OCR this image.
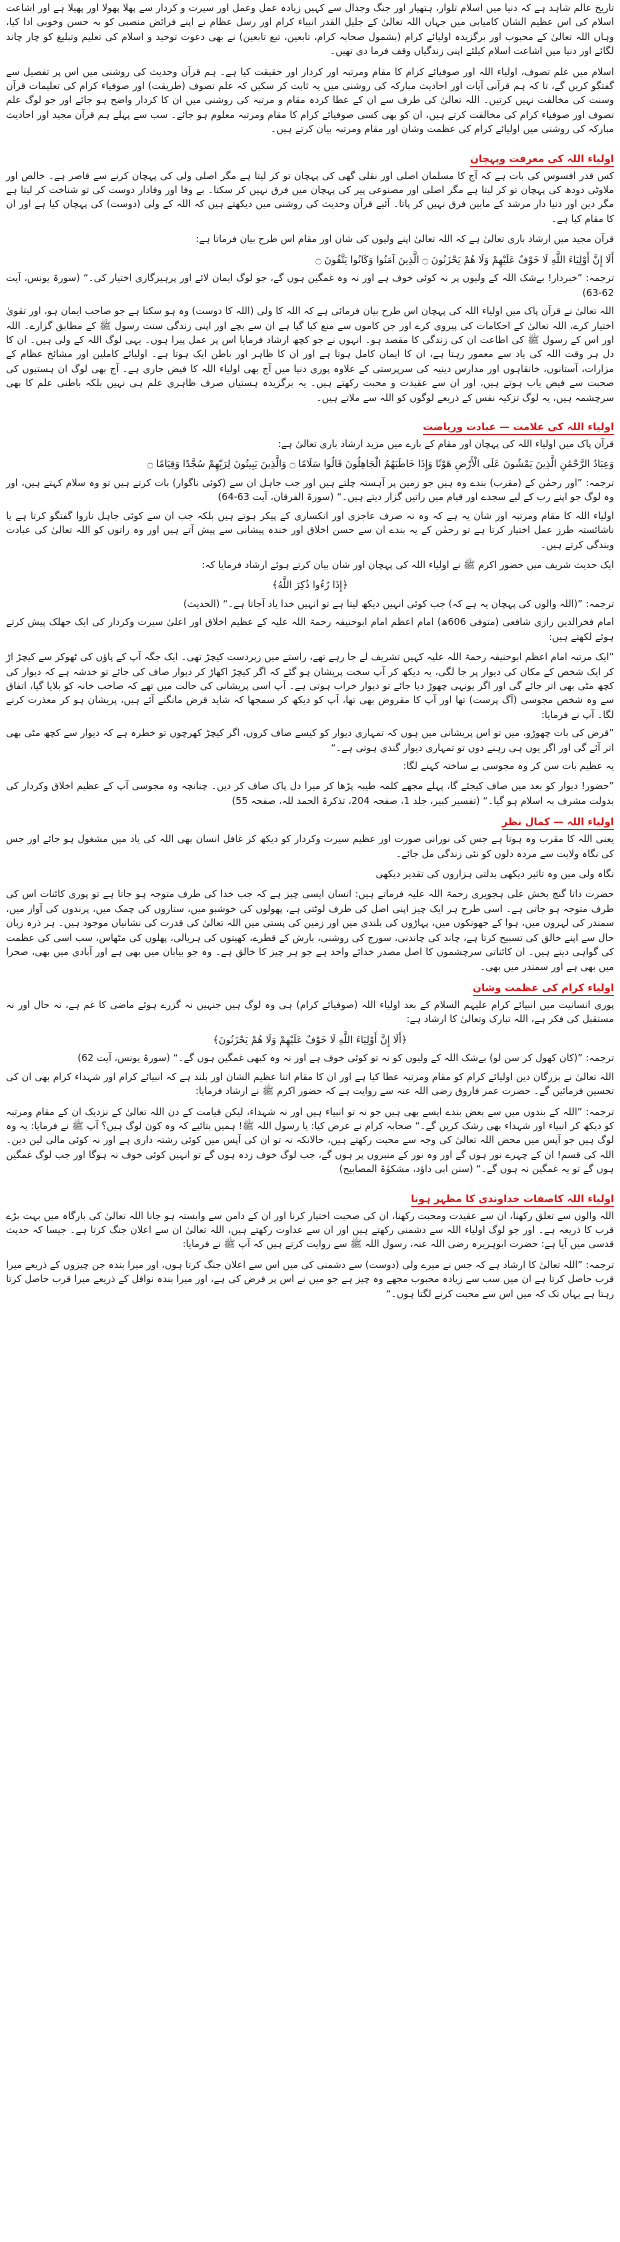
تاریخ عالم شاہد ہے کہ دنیا میں اسلام تلوار، ہتھیار اور جنگ وجدال سے کہیں زیادہ عمل وعمل اور سیرت و کردار سے پھلا پھولا اور پھیلا ہے اور اشاعت اسلام کی اس عظیم الشان کامیابی میں جہاں اللہ تعالیٰ کے جلیل القدر انبیاء کرام اور رسل عظام نے اپنے فرائض منصبی کو بہ حسن وخوبی ادا کیا، وہاں اللہ تعالیٰ کے محبوب اور برگزیدہ اولیائے کرام (بشمول صحابہ کرام، تابعین، تبع تابعین) نے بھی دعوت توحید و اسلام کی تعلیم وتبلیغ کو چار چاند لگائے اور دنیا میں اشاعت اسلام کیلئے اپنی زندگیاں وقف فرما دی تھیں۔

اسلام میں علم تصوف، اولیاء اللہ اور صوفیائے کرام کا مقام ومرتبہ اور کردار اور حقیقت کیا ہے۔ ہم قرآن وحدیث کی روشنی میں اس پر تفصیل سے گفتگو کریں گے، تا کہ ہم قرآنی آیات اور احادیث مبارکہ کی روشنی میں یہ ثابت کر سکیں کہ علم تصوف (طریقت) اور صوفیاء کرام کی تعلیمات قرآن وسنت کی مخالفت نہیں کرتیں۔ اللہ تعالیٰ کی طرف سے ان کے عطا کردہ مقام و مرتبہ کی روشنی میں ان کا کردار واضح ہو جائے اور جو لوگ علم تصوف اور صوفیاء کرام کی مخالفت کرتے ہیں، ان کو بھی کسی صوفیائے کرام کا مقام ومرتبہ معلوم ہو جائے۔ سب سے پہلے ہم قرآن مجید اور احادیث مبارکہ کی روشنی میں اولیائے کرام کی عظمت وشان اور مقام ومرتبہ بیان کرتے ہیں۔

اولیاء اللہ کی معرفت وپہچان

کس قدر افسوس کی بات ہے کہ آج کا مسلمان اصلی اور نقلی گھی کی پہچان تو کر لیتا ہے مگر اصلی ولی کی پہچان کرنے سے قاصر ہے۔ خالص اور ملاوٹی دودھ کی پہچان تو کر لیتا ہے مگر اصلی اور مصنوعی پیر کی پہچان میں فرق نہیں کر سکتا۔ بے وفا اور وفادار دوست کی تو شناخت کر لیتا ہے مگر دین اور دنیا دار مرشد کے مابین فرق نہیں کر پاتا۔ آئیے قرآن وحدیث کی روشنی میں دیکھتے ہیں کہ اللہ کے ولی (دوست) کی پہچان کیا ہے اور ان کا مقام کیا ہے۔

قرآن مجید میں ارشاد باری تعالیٰ ہے کہ اللہ تعالیٰ اپنے ولیوں کی شان اور مقام اس طرح بیان فرماتا ہے:

أَلَا إِنَّ أَوْلِيَاءَ اللَّهِ لَا خَوْفٌ عَلَيْهِمْ وَلَا هُمْ يَحْزَنُونَ ۝ الَّذِينَ آمَنُوا وَكَانُوا يَتَّقُونَ ۝

ترجمہ: ”خبردار! بےشک اللہ کے ولیوں پر نہ کوئی خوف ہے اور نہ وہ غمگین ہوں گے، جو لوگ ایمان لائے اور پرہیزگاری اختیار کی۔“ (سورۃ یونس، آیت 62-63)

اللہ تعالیٰ نے قرآن پاک میں اولیاء اللہ کی پہچان اس طرح بیان فرمائی ہے کہ اللہ کا ولی (اللہ کا دوست) وہ ہو سکتا ہے جو صاحب ایمان ہو، اور تقویٰ اختیار کرے، اللہ تعالیٰ کے احکامات کی پیروی کرے اور جن کاموں سے منع کیا گیا ہے ان سے بچے اور اپنی زندگی سنت رسول ﷺ کے مطابق گزارے۔ اللہ اور اس کے رسول ﷺ کی اطاعت ان کی زندگی کا مقصد ہو۔ انہوں نے جو کچھ ارشاد فرمایا اس پر عمل پیرا ہوں۔ یہی لوگ اللہ کے ولی ہیں۔ ان کا دل ہر وقت اللہ کی یاد سے معمور رہتا ہے، ان کا ایمان کامل ہوتا ہے اور ان کا ظاہر اور باطن ایک ہوتا ہے۔ اولیائے کاملین اور مشائخ عظام کے مزارات، آستانوں، خانقاہوں اور مدارس دینیہ کی سرپرستی کے علاوہ پوری دنیا میں آج بھی اولیاء اللہ کا فیض جاری ہے۔ آج بھی لوگ ان ہستیوں کی صحبت سے فیض یاب ہوتے ہیں، اور ان سے عقیدت و محبت رکھتے ہیں۔ یہ برگزیدہ ہستیاں صرف ظاہری علم ہی نہیں بلکہ باطنی علم کا بھی سرچشمہ ہیں، یہ لوگ تزکیہ نفس کے ذریعے لوگوں کو اللہ سے ملاتے ہیں۔

اولیاء اللہ کی علامت — عبادت وریاضت

قرآن پاک میں اولیاء اللہ کی پہچان اور مقام کے بارے میں مزید ارشاد باری تعالیٰ ہے:

وَعِبَادُ الرَّحْمَٰنِ الَّذِينَ يَمْشُونَ عَلَى الْأَرْضِ هَوْنًا وَإِذَا خَاطَبَهُمُ الْجَاهِلُونَ قَالُوا سَلَامًا ۝ وَالَّذِينَ يَبِيتُونَ لِرَبِّهِمْ سُجَّدًا وَقِيَامًا ۝

ترجمہ: ”اور رحمٰن کے (مقرب) بندے وہ ہیں جو زمین پر آہستہ چلتے ہیں اور جب جاہل ان سے (کوئی ناگوار) بات کرتے ہیں تو وہ سلام کہتے ہیں، اور وہ لوگ جو اپنے رب کے لیے سجدے اور قیام میں راتیں گزار دیتے ہیں۔“ (سورۃ الفرقان، آیت 63-64)

اولیاء اللہ کا مقام ومرتبہ اور شان یہ ہے کہ وہ نہ صرف عاجزی اور انکساری کے پیکر ہوتے ہیں بلکہ جب ان سے کوئی جاہل ناروا گفتگو کرتا ہے یا ناشائستہ طرز عمل اختیار کرتا ہے تو رحمٰن کے یہ بندے ان سے حسن اخلاق اور خندہ پیشانی سے پیش آتے ہیں اور وہ راتوں کو اللہ تعالیٰ کی عبادت وبندگی کرتے ہیں۔

ایک حدیث شریف میں حضور اکرم ﷺ نے اولیاء اللہ کی پہچان اور شان بیان کرتے ہوئے ارشاد فرمایا کہ:

﴿إِذَا رُءُوا ذُكِرَ اللَّهُ﴾

ترجمہ: ”(اللہ والوں کی پہچان یہ ہے کہ) جب کوئی انہیں دیکھ لیتا ہے تو انہیں خدا یاد آجاتا ہے۔“ (الحدیث)

امام فخرالدین رازی شافعی (متوفی 606ھ) امام اعظم امام ابوحنیفہ رحمۃ اللہ علیہ کے عظیم اخلاق اور اعلیٰ سیرت وکردار کی ایک جھلک پیش کرتے ہوئے لکھتے ہیں:

”ایک مرتبہ امام اعظم ابوحنیفہ رحمۃ اللہ علیہ کہیں تشریف لے جا رہے تھے، راستے میں زبردست کیچڑ تھی۔ ایک جگہ آپ کے پاؤں کی ٹھوکر سے کیچڑ اڑ کر ایک شخص کے مکان کی دیوار پر جا لگی، یہ دیکھ کر آپ سخت پریشان ہو گئے کہ اگر کیچڑ اکھاڑ کر دیوار صاف کی جائے تو خدشہ ہے کہ دیوار کی کچھ مٹی بھی اتر جائے گی اور اگر یونہی چھوڑ دیا جائے تو دیوار خراب ہوتی ہے۔ آپ اسی پریشانی کی حالت میں تھے کہ صاحب خانہ کو بلایا گیا، اتفاق سے وہ شخص مجوسی (آگ پرست) تھا اور آپ کا مقروض بھی تھا، آپ کو دیکھ کر سمجھا کہ شاید قرض مانگنے آئے ہیں، پریشان ہو کر معذرت کرنے لگا۔ آپ نے فرمایا:

”قرض کی بات چھوڑو، میں تو اس پریشانی میں ہوں کہ تمہاری دیوار کو کیسے صاف کروں، اگر کیچڑ کھرچوں تو خطرہ ہے کہ دیوار سے کچھ مٹی بھی اتر آئے گی اور اگر یوں ہی رہنے دوں تو تمہاری دیوار گندی ہوتی ہے۔“

یہ عظیم بات سن کر وہ مجوسی بے ساختہ کہنے لگا:

”حضور! دیوار کو بعد میں صاف کیجئے گا، پہلے مجھے کلمہ طیبہ پڑھا کر میرا دل پاک صاف کر دیں۔ چنانچہ وہ مجوسی آپ کے عظیم اخلاق وکردار کی بدولت مشرف بہ اسلام ہو گیا۔“ (تفسیر کبیر، جلد 1، صفحہ 204، تذکرۃ الحمد للہ، صفحہ 55)

اولیاء اللہ — کمال نظر

یعنی اللہ کا مقرب وہ ہوتا ہے جس کی نورانی صورت اور عظیم سیرت وکردار کو دیکھ کر غافل انسان بھی اللہ کی یاد میں مشغول ہو جائے اور جس کی نگاہ ولایت سے مردہ دلوں کو نئی زندگی مل جائے۔

نگاہ ولی میں وہ تاثیر دیکھی بدلتی ہزاروں کی تقدیر دیکھی

حضرت داتا گنج بخش علی ہجویری رحمۃ اللہ علیہ فرماتے ہیں: انسان ایسی چیز ہے کہ جب خدا کی طرف متوجہ ہو جاتا ہے تو پوری کائنات اس کی طرف متوجہ ہو جاتی ہے۔ اسی طرح ہر ایک چیز اپنی اصل کی طرف لوٹتی ہے، پھولوں کی خوشبو میں، ستاروں کی چمک میں، پرندوں کی آواز میں، سمندر کی لہروں میں، ہوا کے جھونکوں میں، پہاڑوں کی بلندی میں اور زمین کی پستی میں اللہ تعالیٰ کی قدرت کی نشانیاں موجود ہیں۔ ہر ذرہ زبان حال سے اپنے خالق کی تسبیح کرتا ہے، چاند کی چاندنی، سورج کی روشنی، بارش کے قطرے، کھیتوں کی ہریالی، پھلوں کی مٹھاس، سب اسی کی عظمت کی گواہی دیتے ہیں۔ ان کائناتی سرچشموں کا اصل مصدر خدائے واحد ہے جو ہر چیز کا خالق ہے۔ وہ جو بیابان میں بھی ہے اور آبادی میں بھی، صحرا میں بھی ہے اور سمندر میں بھی۔

اولیاء کرام کی عظمت وشان

پوری انسانیت میں انبیائے کرام علیہم السلام کے بعد اولیاء اللہ (صوفیائے کرام) ہی وہ لوگ ہیں جنہیں نہ گزرے ہوئے ماضی کا غم ہے، نہ حال اور نہ مستقبل کی فکر ہے، اللہ تبارک وتعالیٰ کا ارشاد ہے:

﴿أَلَا إِنَّ أَوْلِيَاءَ اللَّهِ لَا خَوْفٌ عَلَيْهِمْ وَلَا هُمْ يَحْزَنُونَ﴾

ترجمہ: ”(کان کھول کر سن لو) بےشک اللہ کے ولیوں کو نہ تو کوئی خوف ہے اور نہ وہ کبھی غمگین ہوں گے۔“ (سورۃ یونس، آیت 62)

اللہ تعالیٰ نے بزرگان دین اولیائے کرام کو مقام ومرتبہ عطا کیا ہے اور ان کا مقام اتنا عظیم الشان اور بلند ہے کہ انبیائے کرام اور شہداء کرام بھی ان کی تحسین فرمائیں گے۔ حضرت عمر فاروق رضی اللہ عنہ سے روایت ہے کہ حضور اکرم ﷺ نے ارشاد فرمایا:

ترجمہ: ”اللہ کے بندوں میں سے بعض بندے ایسے بھی ہیں جو نہ تو انبیاء ہیں اور نہ شہداء، لیکن قیامت کے دن اللہ تعالیٰ کے نزدیک ان کے مقام ومرتبہ کو دیکھ کر انبیاء اور شہداء بھی رشک کریں گے۔“ صحابہ کرام نے عرض کیا: یا رسول اللہ ﷺ! ہمیں بتائیے کہ وہ کون لوگ ہیں؟ آپ ﷺ نے فرمایا: یہ وہ لوگ ہیں جو آپس میں محض اللہ تعالیٰ کی وجہ سے محبت رکھتے ہیں، حالانکہ نہ تو ان کی آپس میں کوئی رشتہ داری ہے اور نہ کوئی مالی لین دین۔ اللہ کی قسم! ان کے چہرے نور ہوں گے اور وہ نور کے منبروں پر ہوں گے، جب لوگ خوف زدہ ہوں گے تو انہیں کوئی خوف نہ ہوگا اور جب لوگ غمگین ہوں گے تو یہ غمگین نہ ہوں گے۔“ (سنن ابی داؤد، مشکوٰۃ المصابیح)

اولیاء اللہ کاصفات خداوندی کا مظہر ہونا

اللہ والوں سے تعلق رکھنا، ان سے عقیدت ومحبت رکھنا، ان کی صحبت اختیار کرنا اور ان کے دامن سے وابستہ ہو جانا اللہ تعالیٰ کی بارگاہ میں بہت بڑے قرب کا ذریعہ ہے۔ اور جو لوگ اولیاء اللہ سے دشمنی رکھتے ہیں اور ان سے عداوت رکھتے ہیں، اللہ تعالیٰ ان سے اعلان جنگ کرتا ہے۔ جیسا کہ حدیث قدسی میں آیا ہے: حضرت ابوہریرہ رضی اللہ عنہ، رسول اللہ ﷺ سے روایت کرتے ہیں کہ آپ ﷺ نے فرمایا:

ترجمہ: ”اللہ تعالیٰ کا ارشاد ہے کہ جس نے میرے ولی (دوست) سے دشمنی کی میں اس سے اعلان جنگ کرتا ہوں، اور میرا بندہ جن چیزوں کے ذریعے میرا قرب حاصل کرتا ہے ان میں سب سے زیادہ محبوب مجھے وہ چیز ہے جو میں نے اس پر فرض کی ہے، اور میرا بندہ نوافل کے ذریعے میرا قرب حاصل کرتا رہتا ہے یہاں تک کہ میں اس سے محبت کرنے لگتا ہوں۔“
